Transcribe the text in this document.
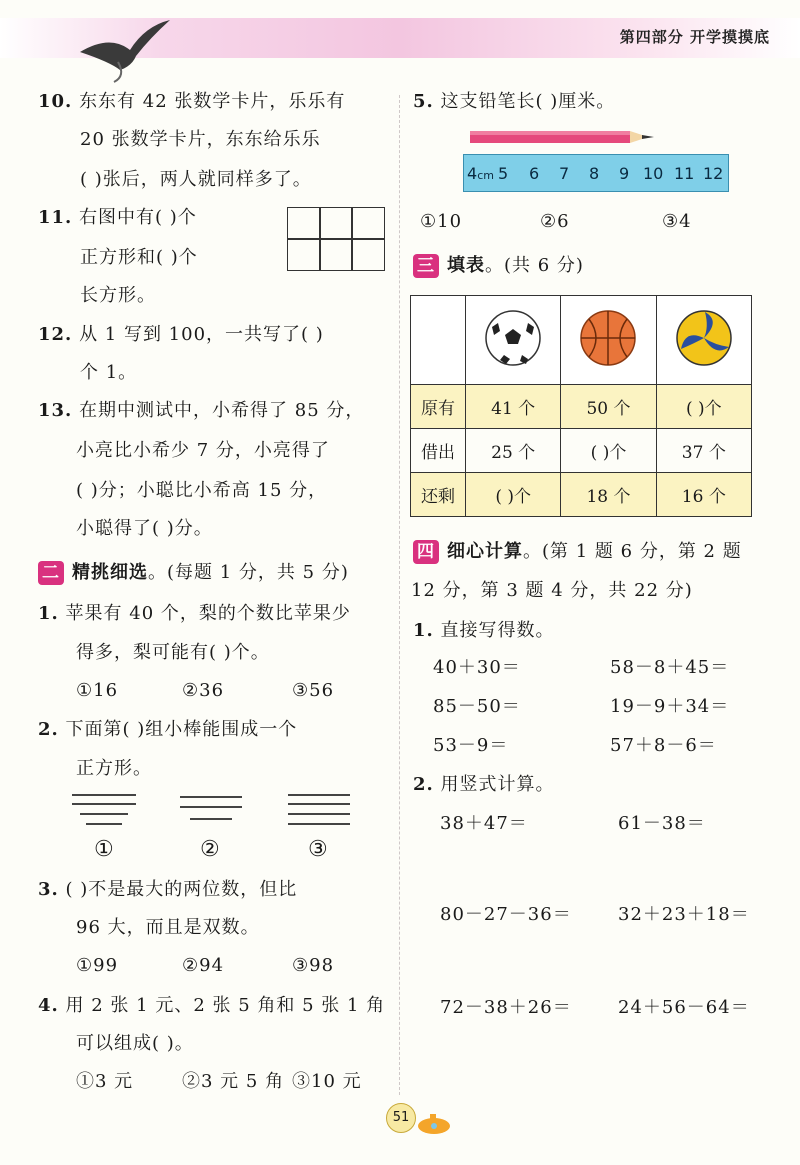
第四部分 开学摸摸底
10. 东东有 42 张数学卡片，乐乐有
20 张数学卡片，东东给乐乐
( )张后，两人就同样多了。
11. 右图中有( )个
正方形和( )个
长方形。
12. 从 1 写到 100，一共写了( )
个 1。
13. 在期中测试中，小希得了 85 分，
小亮比小希少 7 分，小亮得了
( )分；小聪比小希高 15 分，
小聪得了( )分。
二 精挑细选。(每题 1 分，共 5 分)
1. 苹果有 40 个，梨的个数比苹果少
得多，梨可能有( )个。
①16	②36	③56
2. 下面第( )组小棒能围成一个
正方形。
①	②	③
3. ( )不是最大的两位数，但比
96 大，而且是双数。
①99	②94	③98
4. 用 2 张 1 元、2 张 5 角和 5 张 1 角
可以组成( )。
①3 元	②3 元 5 角 ③10 元
5. 这支铅笔长( )厘米。
4cm 5 6 7 8 9 10 11 12
①10	②6	③4
三 填表。(共 6 分)

原有	41 个	50 个	( )个
借出	25 个	( )个	37 个
还剩	( )个	18 个	16 个
四 细心计算。(第 1 题 6 分，第 2 题
12 分，第 3 题 4 分，共 22 分)
1. 直接写得数。
40＋30＝	58－8＋45＝
85－50＝	19－9＋34＝
53－9＝	57＋8－6＝
2. 用竖式计算。
38＋47＝	61－38＝
80－27－36＝	32＋23＋18＝
72－38＋26＝	24＋56－64＝
51
